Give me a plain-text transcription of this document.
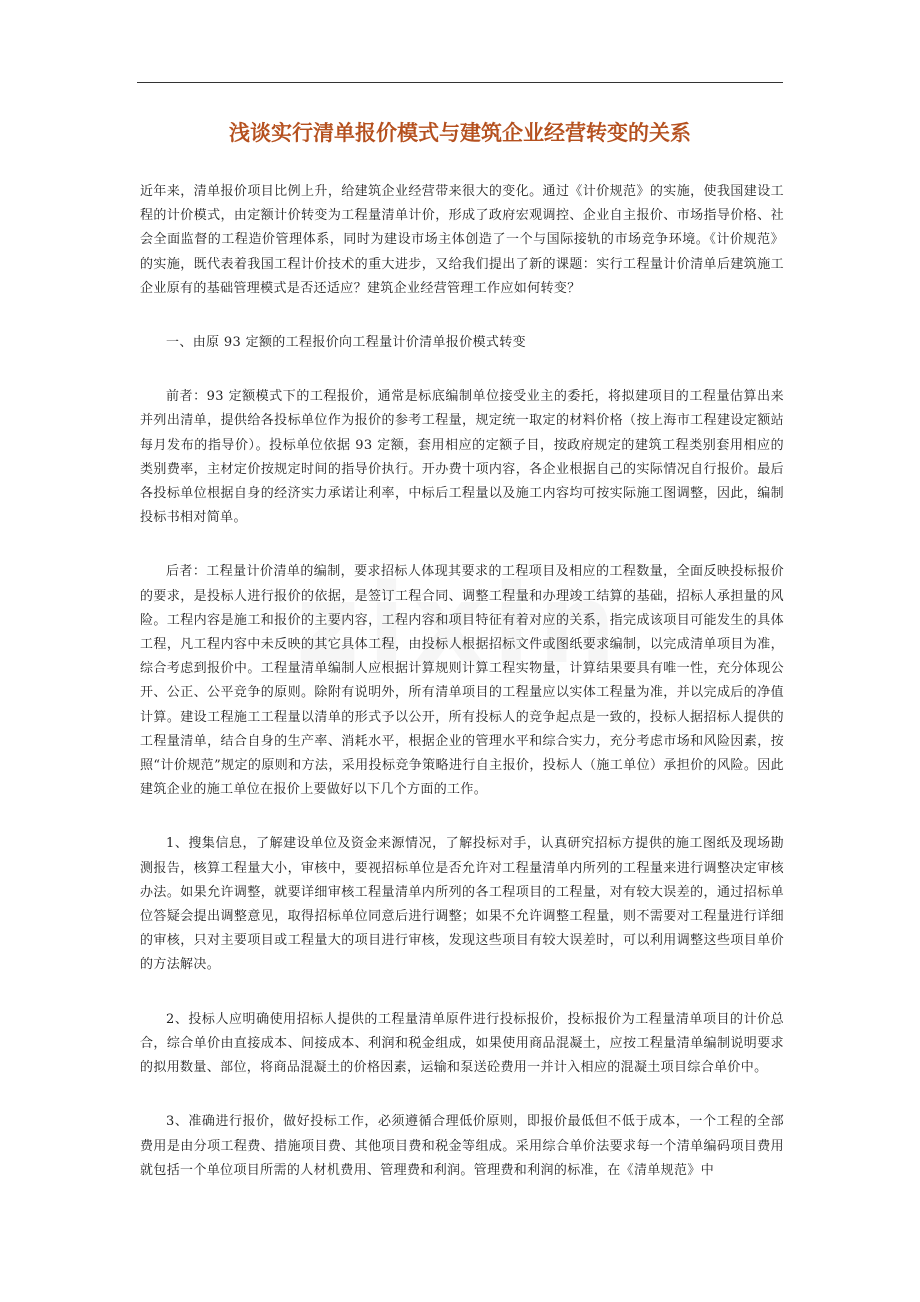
浅谈实行清单报价模式与建筑企业经营转变的关系

近年来，清单报价项目比例上升，给建筑企业经营带来很大的变化。通过《计价规范》的实施，使我国建设工程的计价模式，由定额计价转变为工程量清单计价，形成了政府宏观调控、企业自主报价、市场指导价格、社会全面监督的工程造价管理体系，同时为建设市场主体创造了一个与国际接轨的市场竞争环境。《计价规范》的实施，既代表着我国工程计价技术的重大进步，又给我们提出了新的课题：实行工程量计价清单后建筑施工企业原有的基础管理模式是否还适应？建筑企业经营管理工作应如何转变？

一、由原 93 定额的工程报价向工程量计价清单报价模式转变

前者：93 定额模式下的工程报价，通常是标底编制单位接受业主的委托，将拟建项目的工程量估算出来并列出清单，提供给各投标单位作为报价的参考工程量，规定统一取定的材料价格（按上海市工程建设定额站每月发布的指导价）。投标单位依据 93 定额，套用相应的定额子目，按政府规定的建筑工程类别套用相应的类别费率，主材定价按规定时间的指导价执行。开办费十项内容，各企业根据自己的实际情况自行报价。最后各投标单位根据自身的经济实力承诺让利率，中标后工程量以及施工内容均可按实际施工图调整，因此，编制投标书相对简单。

后者：工程量计价清单的编制，要求招标人体现其要求的工程项目及相应的工程数量，全面反映投标报价的要求，是投标人进行报价的依据，是签订工程合同、调整工程量和办理竣工结算的基础，招标人承担量的风险。工程内容是施工和报价的主要内容，工程内容和项目特征有着对应的关系，指完成该项目可能发生的具体工程，凡工程内容中未反映的其它具体工程，由投标人根据招标文件或图纸要求编制，以完成清单项目为准，综合考虑到报价中。工程量清单编制人应根据计算规则计算工程实物量，计算结果要具有唯一性，充分体现公开、公正、公平竞争的原则。除附有说明外，所有清单项目的工程量应以实体工程量为准，并以完成后的净值计算。建设工程施工工程量以清单的形式予以公开，所有投标人的竞争起点是一致的，投标人据招标人提供的工程量清单，结合自身的生产率、消耗水平，根据企业的管理水平和综合实力，充分考虑市场和风险因素，按照“计价规范”规定的原则和方法，采用投标竞争策略进行自主报价，投标人（施工单位）承担价的风险。因此建筑企业的施工单位在报价上要做好以下几个方面的工作。

1、搜集信息，了解建设单位及资金来源情况，了解投标对手，认真研究招标方提供的施工图纸及现场勘测报告，核算工程量大小，审核中，要视招标单位是否允许对工程量清单内所列的工程量来进行调整决定审核办法。如果允许调整，就要详细审核工程量清单内所列的各工程项目的工程量，对有较大误差的，通过招标单位答疑会提出调整意见，取得招标单位同意后进行调整；如果不允许调整工程量，则不需要对工程量进行详细的审核，只对主要项目或工程量大的项目进行审核，发现这些项目有较大误差时，可以利用调整这些项目单价的方法解决。

2、投标人应明确使用招标人提供的工程量清单原件进行投标报价，投标报价为工程量清单项目的计价总合，综合单价由直接成本、间接成本、利润和税金组成，如果使用商品混凝土，应按工程量清单编制说明要求的拟用数量、部位，将商品混凝土的价格因素，运输和泵送砼费用一并计入相应的混凝土项目综合单价中。

3、准确进行报价，做好投标工作，必须遵循合理低价原则，即报价最低但不低于成本，一个工程的全部费用是由分项工程费、措施项目费、其他项目费和税金等组成。采用综合单价法要求每一个清单编码项目费用就包括一个单位项目所需的人材机费用、管理费和利润。管理费和利润的标准，在《清单规范》中
